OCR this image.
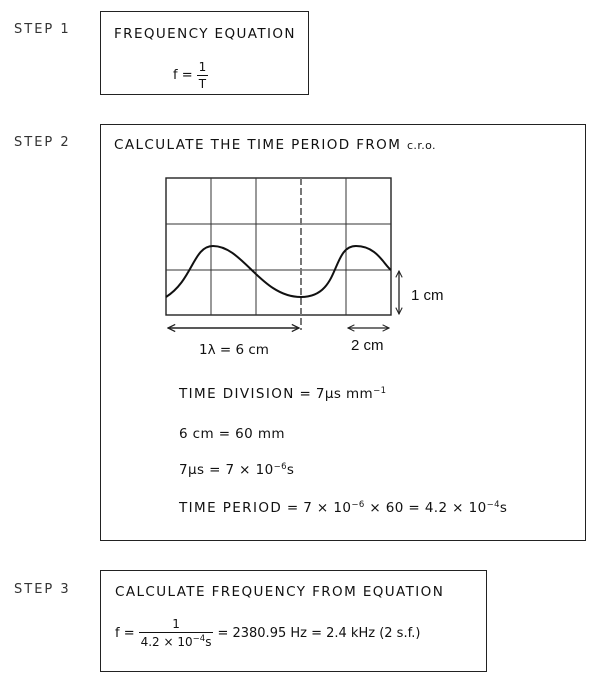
STEP 1	FREQUENCY EQUATION
$f = \frac{1}{T}$
STEP 2	CALCULATE THE TIME PERIOD FROM c.r.o.
1λ = 6 cm
1 cm
2 cm
TIME DIVISION = 7μs $mm^{-1}$
6 cm = 60 mm
$7\mu s = 7 \times 10^{-6}s$
TIME PERIOD = $7 \times 10^{-6} \times 60 = 4.2 \times 10^{-4}s$
STEP 3	CALCULATE FREQUENCY FROM EQUATION
$f = \frac{1}{4.2 \times 10^{-4}s} = 2380.95$ Hz = 2.4 kHz (2 s.f.)
